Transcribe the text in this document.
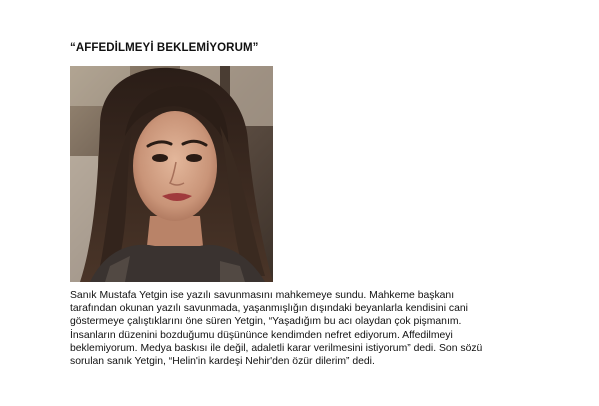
“AFFEDİLMEYİ BEKLEMİYORUM”

Sanık Mustafa Yetgin ise yazılı savunmasını mahkemeye sundu. Mahkeme başkanı
tarafından okunan yazılı savunmada, yaşanmışlığın dışındaki beyanlarla kendisini cani
göstermeye çalıştıklarını öne süren Yetgin, “Yaşadığım bu acı olaydan çok pişmanım.
İnsanların düzenini bozduğumu düşününce kendimden nefret ediyorum. Affedilmeyi
beklemiyorum. Medya baskısı ile değil, adaletli karar verilmesini istiyorum” dedi. Son sözü
sorulan sanık Yetgin, “Helin'in kardeşi Nehir'den özür dilerim” dedi.
